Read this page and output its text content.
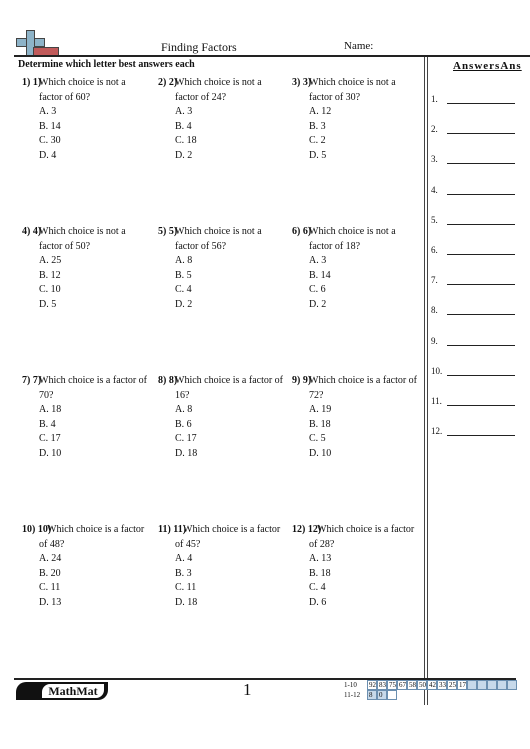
Finding Factors	Name:
Determine which letter best answers each	AnswersAns
1.
2.
3.
4.
5.
6.
7.
8.
9.
10.
11.
12.
1) 1)
Which choice is not a factor of 60?
A. 3
B. 14
C. 30
D. 4
2) 2)
Which choice is not a factor of 24?
A. 3
B. 4
C. 18
D. 2
3) 3)
Which choice is not a factor of 30?
A. 12
B. 3
C. 2
D. 5
4) 4)
Which choice is not a factor of 50?
A. 25
B. 12
C. 10
D. 5
5) 5)
Which choice is not a factor of 56?
A. 8
B. 5
C. 4
D. 2
6) 6)
Which choice is not a factor of 18?
A. 3
B. 14
C. 6
D. 2
7) 7)
Which choice is a factor of 70?
A. 18
B. 4
C. 17
D. 10
8) 8)
Which choice is a factor of 16?
A. 8
B. 6
C. 17
D. 18
9) 9)
Which choice is a factor of 72?
A. 19
B. 18
C. 5
D. 10
10) 10)
Which choice is a factor of 48?
A. 24
B. 20
C. 11
D. 13
11) 11)
Which choice is a factor of 45?
A. 4
B. 3
C. 11
D. 18
12) 12)
Which choice is a factor of 28?
A. 13
B. 18
C. 4
D. 6
MathMat	1	1-10 92 83 75 67 58 50 42 33 25 17
11-12 8 0
